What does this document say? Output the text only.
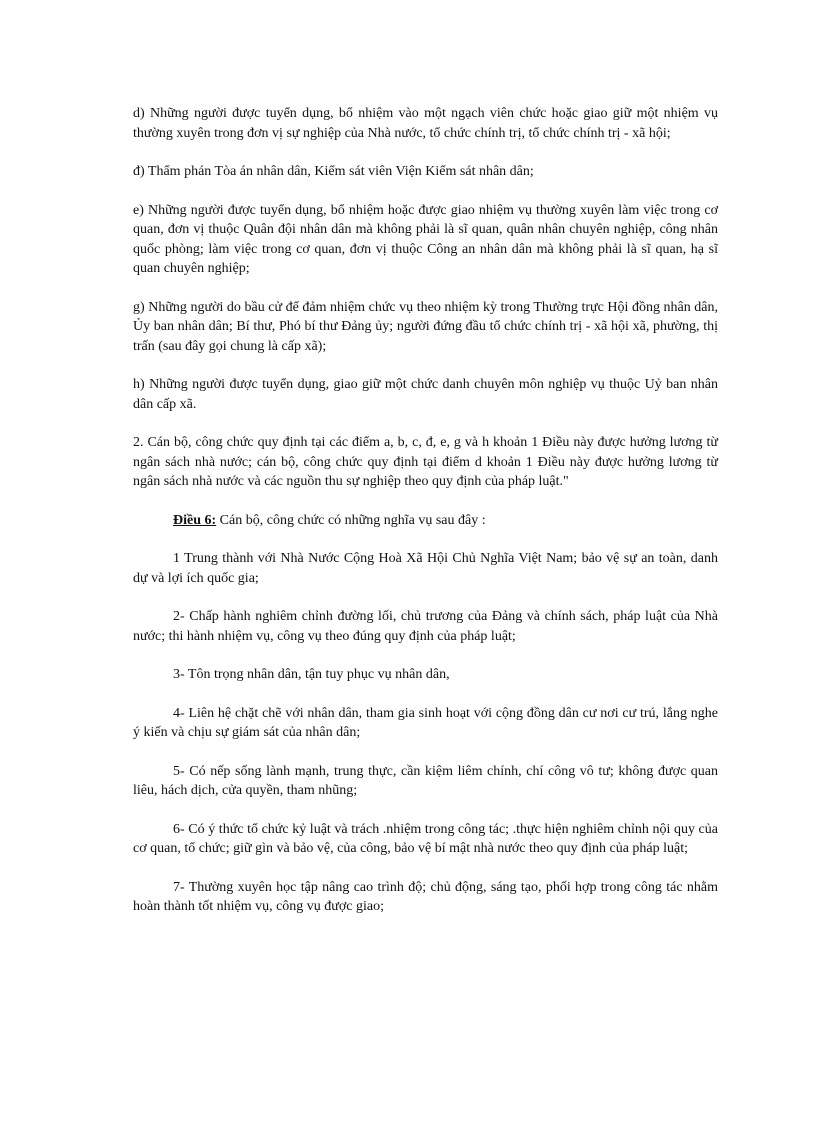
d) Những người được tuyển dụng, bổ nhiệm vào một ngạch viên chức hoặc giao giữ một nhiệm vụ thường xuyên trong đơn vị sự nghiệp của Nhà nước, tổ chức chính trị, tổ chức chính trị - xã hội;

đ) Thẩm phán Tòa án nhân dân, Kiểm sát viên Viện Kiểm sát nhân dân;

e) Những người được tuyển dụng, bổ nhiệm hoặc được giao nhiệm vụ thường xuyên làm việc trong cơ quan, đơn vị thuộc Quân đội nhân dân mà không phải là sĩ quan, quân nhân chuyên nghiệp, công nhân quốc phòng; làm việc trong cơ quan, đơn vị thuộc Công an nhân dân mà không phải là sĩ quan, hạ sĩ quan chuyên nghiệp;

g) Những người do bầu cử để đảm nhiệm chức vụ theo nhiệm kỳ trong Thường trực Hội đồng nhân dân, Ủy ban nhân dân; Bí thư, Phó bí thư Đảng ủy; người đứng đầu tổ chức chính trị - xã hội xã, phường, thị trấn (sau đây gọi chung là cấp xã);

h) Những người được tuyển dụng, giao giữ một chức danh chuyên môn nghiệp vụ thuộc Uỷ ban nhân dân cấp xã.

2. Cán bộ, công chức quy định tại các điểm a, b, c, đ, e, g và h khoản 1 Điều này được hưởng lương từ ngân sách nhà nước; cán bộ, công chức quy định tại điểm d khoản 1 Điều này được hưởng lương từ ngân sách nhà nước và các nguồn thu sự nghiệp theo quy định của pháp luật."

Điều 6: Cán bộ, công chức có những nghĩa vụ sau đây :

1 Trung thành với Nhà Nước Cộng Hoà Xã Hội Chủ Nghĩa Việt Nam; bảo vệ sự an toàn, danh dự và lợi ích quốc gia;

2- Chấp hành nghiêm chỉnh đường lối, chủ trương của Đảng và chính sách, pháp luật của Nhà nước; thi hành nhiệm vụ, công vụ theo đúng quy định của pháp luật;

3- Tôn trọng nhân dân, tận tuy phục vụ nhân dân,

4- Liên hệ chặt chẽ với nhân dân, tham gia sinh hoạt với cộng đồng dân cư nơi cư trú, lắng nghe ý kiến và chịu sự giám sát của nhân dân;

5- Có nếp sống lành mạnh, trung thực, cần kiệm liêm chính, chí công vô tư; không được quan liêu, hách dịch, cửa quyền, tham nhũng;

6- Có ý thức tổ chức kỷ luật và trách .nhiệm trong công tác; .thực hiện nghiêm chỉnh nội quy của cơ quan, tổ chức; giữ gìn và bảo vệ, của công, bảo vệ bí mật nhà nước theo quy định của pháp luật;

7- Thường xuyên học tập nâng cao trình độ; chủ động, sáng tạo, phối hợp trong công tác nhằm hoàn thành tốt nhiệm vụ, công vụ được giao;
